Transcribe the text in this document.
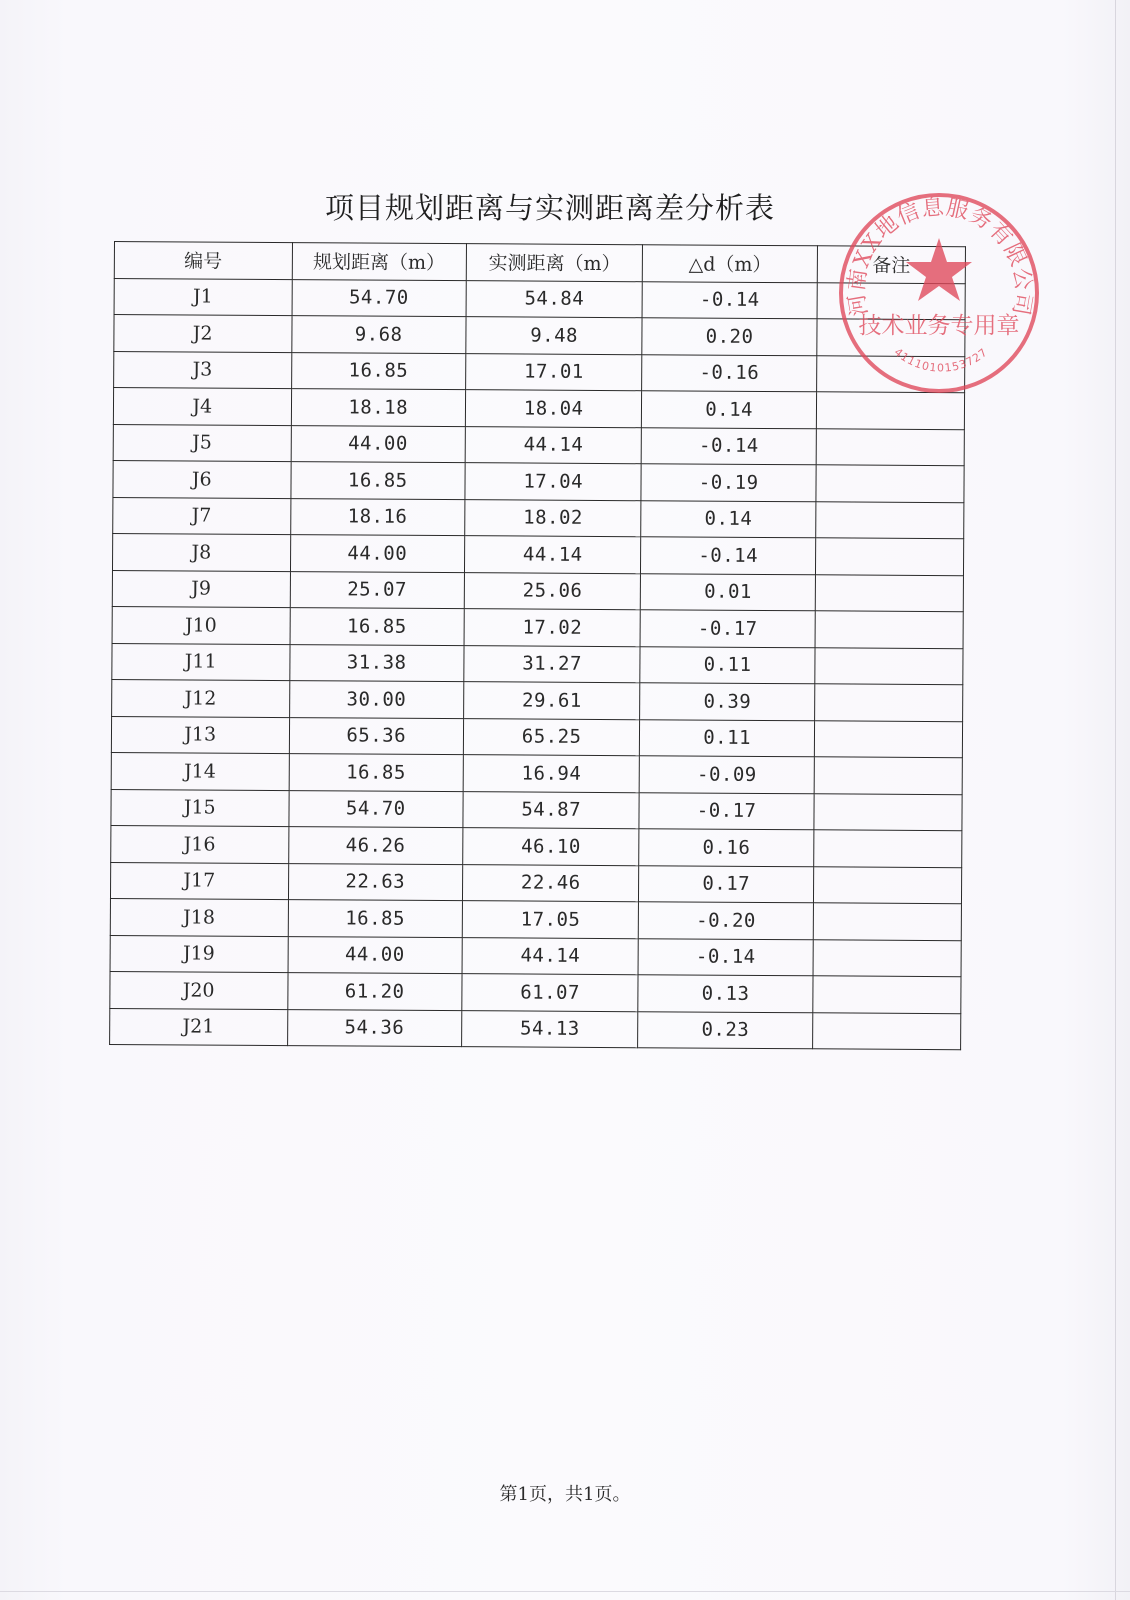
项目规划距离与实测距离差分析表
编号	规划距离（m）	实测距离（m）	△d（m）	备注
J1	54.70	54.84	-0.14	
J2	9.68	9.48	0.20	
J3	16.85	17.01	-0.16	
J4	18.18	18.04	0.14	
J5	44.00	44.14	-0.14	
J6	16.85	17.04	-0.19	
J7	18.16	18.02	0.14	
J8	44.00	44.14	-0.14	
J9	25.07	25.06	0.01	
J10	16.85	17.02	-0.17	
J11	31.38	31.27	0.11	
J12	30.00	29.61	0.39	
J13	65.36	65.25	0.11	
J14	16.85	16.94	-0.09	
J15	54.70	54.87	-0.17	
J16	46.26	46.10	0.16	
J17	22.63	22.46	0.17	
J18	16.85	17.05	-0.20	
J19	44.00	44.14	-0.14	
J20	61.20	61.07	0.13	
J21	54.36	54.13	0.23	
河南XX地信息服务有限公司
技术业务专用章
4111010153727
第1页，共1页。
